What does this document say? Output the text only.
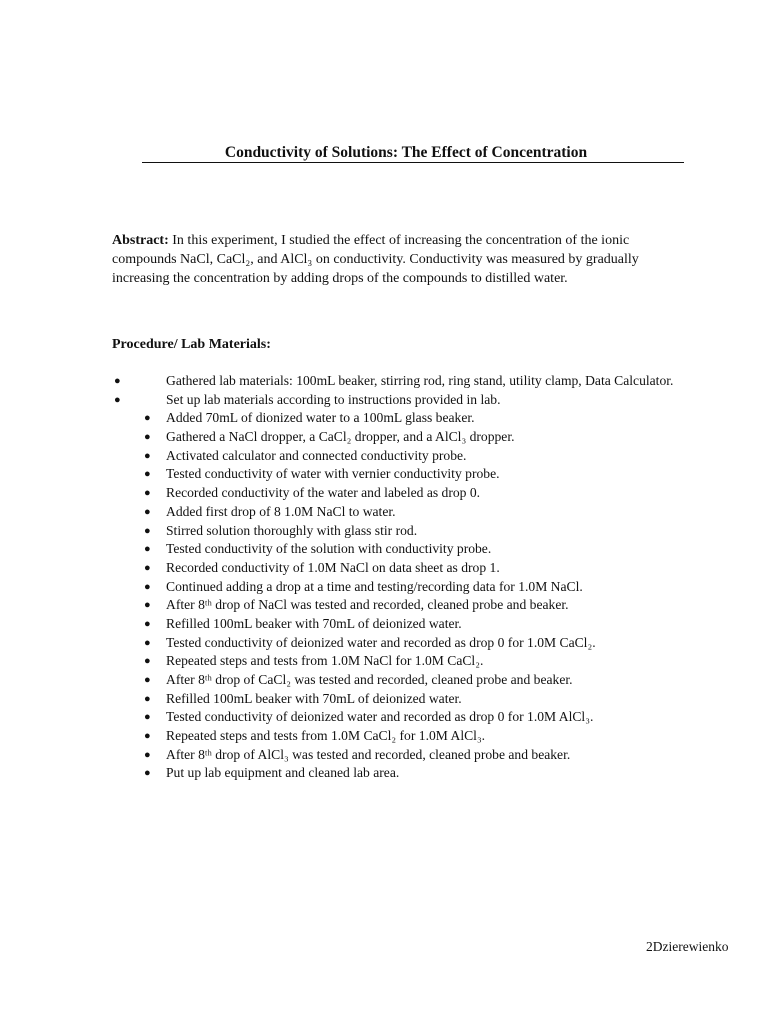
Conductivity of Solutions: The Effect of Concentration
Abstract: In this experiment, I studied the effect of increasing the concentration of the ionic compounds NaCl, CaCl₂, and AlCl₃ on conductivity. Conductivity was measured by gradually increasing the concentration by adding drops of the compounds to distilled water.
Procedure/ Lab Materials:
●	Gathered lab materials: 100mL beaker, stirring rod, ring stand, utility clamp, Data Calculator.
●	Set up lab materials according to instructions provided in lab.
● Added 70mL of dionized water to a 100mL glass beaker.
● Gathered a NaCl dropper, a CaCl₂ dropper, and a AlCl₃ dropper.
● Activated calculator and connected conductivity probe.
● Tested conductivity of water with vernier conductivity probe.
● Recorded conductivity of the water and labeled as drop 0.
● Added first drop of 8 1.0M NaCl to water.
● Stirred solution thoroughly with glass stir rod.
● Tested conductivity of the solution with conductivity probe.
● Recorded conductivity of 1.0M NaCl on data sheet as drop 1.
● Continued adding a drop at a time and testing/recording data for 1.0M NaCl.
● After 8ᵗʰ drop of NaCl was tested and recorded, cleaned probe and beaker.
● Refilled 100mL beaker with 70mL of deionized water.
● Tested conductivity of deionized water and recorded as drop 0 for 1.0M CaCl₂.
● Repeated steps and tests from 1.0M NaCl for 1.0M CaCl₂.
● After 8ᵗʰ drop of CaCl₂ was tested and recorded, cleaned probe and beaker.
● Refilled 100mL beaker with 70mL of deionized water.
● Tested conductivity of deionized water and recorded as drop 0 for 1.0M AlCl₃.
● Repeated steps and tests from 1.0M CaCl₂ for 1.0M AlCl₃.
● After 8ᵗʰ drop of AlCl₃ was tested and recorded, cleaned probe and beaker.
● Put up lab equipment and cleaned lab area.
2Dzierewienko
